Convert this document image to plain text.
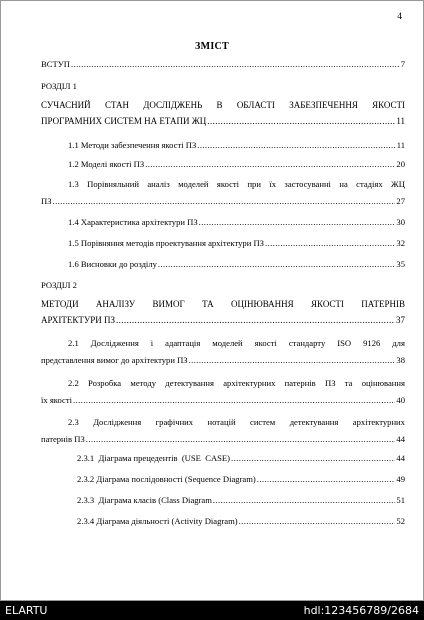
4
ЗМІСТ
ВСТУП .....	7
РОЗДІЛ 1
СУЧАСНИЙ СТАН ДОСЛІДЖЕНЬ В ОБЛАСТІ ЗАБЕЗПЕЧЕННЯ ЯКОСТІ
ПРОГРАМНИХ СИСТЕМ НА ЕТАПИ ЖЦ .....	11
1.1 Методи забезпечення якості ПЗ .....	11
1.2 Моделі якості ПЗ .....	20
1.3 Порівняльний аналіз моделей якості при їх застосуванні на стадіях ЖЦ
ПЗ .....	27
1.4 Характеристика архітектури ПЗ .....	30
1.5 Порівняння методів проектування архітектури ПЗ .....	32
1.6 Висновки до розділу .....	35
РОЗДІЛ 2
МЕТОДИ АНАЛІЗУ ВИМОГ ТА ОЦІНЮВАННЯ ЯКОСТІ ПАТЕРНІВ
АРХІТЕКТУРИ ПЗ .....	37
2.1 Дослідження і адаптація моделей якості стандарту ISO 9126 для
представлення вимог до архітектури ПЗ .....	38
2.2 Розробка методу детектування архітектурних патернів ПЗ та оцінювання
їх якості .....	40
2.3 Дослідження графічних нотацій систем детектування архітектурних
патернів ПЗ .....	44
2.3.1  Діаграма прецедентів  (USE  CASE) .....	44
2.3.2 Діаграма послідовності (Sequence Diagram) .....	49
2.3.3  Діаграма класів (Class Diagram .....	51
2.3.4 Діаграма діяльності (Activity Diagram) .....	52
ELARTU	hdl:123456789/2684
